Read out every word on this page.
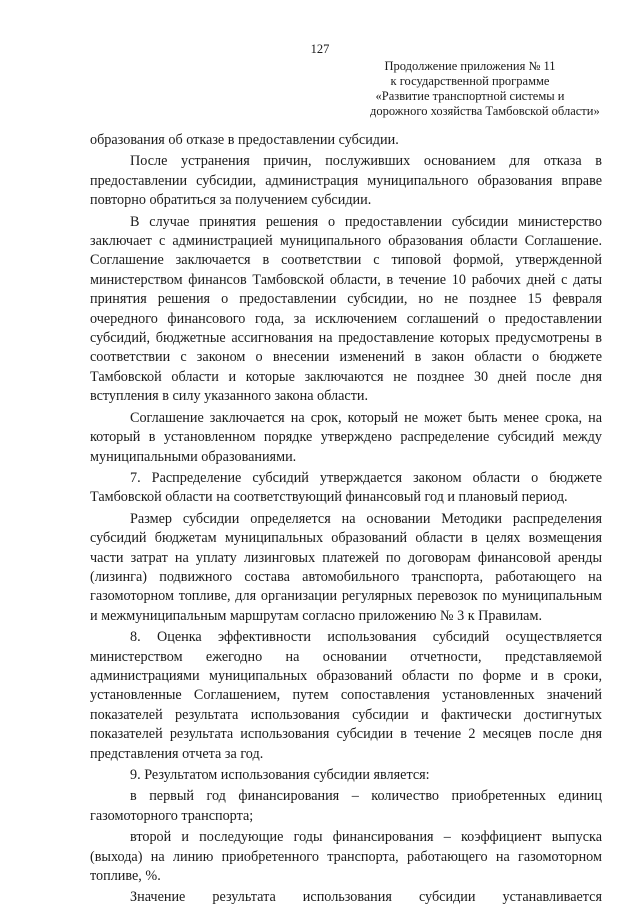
127
Продолжение приложения № 11
к государственной программе
«Развитие транспортной системы и
дорожного хозяйства Тамбовской области»

образования об отказе в предоставлении субсидии.

После устранения причин, послуживших основанием для отказа в предоставлении субсидии, администрация муниципального образования вправе повторно обратиться за получением субсидии.

В случае принятия решения о предоставлении субсидии министерство заключает с администрацией муниципального образования области Соглашение. Соглашение заключается в соответствии с типовой формой, утвержденной министерством финансов Тамбовской области, в течение 10 рабочих дней с даты принятия решения о предоставлении субсидии, но не позднее 15 февраля очередного финансового года, за исключением соглашений о предоставлении субсидий, бюджетные ассигнования на предоставление которых предусмотрены в соответствии с законом о внесении изменений в закон области о бюджете Тамбовской области и которые заключаются не позднее 30 дней после дня вступления в силу указанного закона области.

Соглашение заключается на срок, который не может быть менее срока, на который в установленном порядке утверждено распределение субсидий между муниципальными образованиями.

7. Распределение субсидий утверждается законом области о бюджете Тамбовской области на соответствующий финансовый год и плановый период.

Размер субсидии определяется на основании Методики распределения субсидий бюджетам муниципальных образований области в целях возмещения части затрат на уплату лизинговых платежей по договорам финансовой аренды (лизинга) подвижного состава автомобильного транспорта, работающего на газомоторном топливе, для организации регулярных перевозок по муниципальным и межмуниципальным маршрутам согласно приложению № 3 к Правилам.

8. Оценка эффективности использования субсидий осуществляется министерством ежегодно на основании отчетности, представляемой администрациями муниципальных образований области по форме и в сроки, установленные Соглашением, путем сопоставления установленных значений показателей результата использования субсидии и фактически достигнутых показателей результата использования субсидии в течение 2 месяцев после дня представления отчета за год.

9. Результатом использования субсидии является:

в первый год финансирования – количество приобретенных единиц газомоторного транспорта;

второй и последующие годы финансирования – коэффициент выпуска (выхода) на линию приобретенного транспорта, работающего на газомоторном топливе, %.

Значение результата использования субсидии устанавливается
